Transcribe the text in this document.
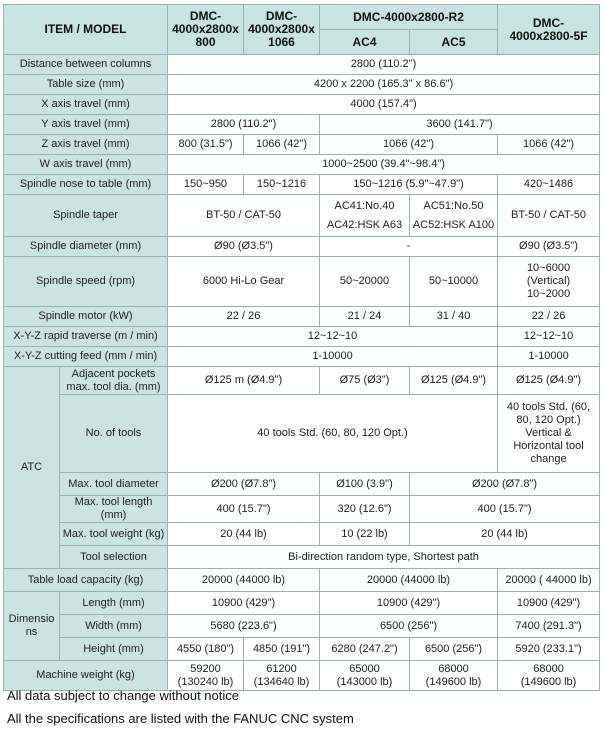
ITEM / MODEL		DMC-
4000x2800x
800	DMC-
4000x2800x
1066	DMC-4000x2800-R2		DMC-
4000x2800-5F
				AC4	AC5	
Distance between columns		2800 (110.2")				
Table size (mm)		4200 x 2200 (165.3" x 86.6")				
X axis travel (mm)		4000 (157.4")				
Y axis travel (mm)		2800 (110.2")		3600 (141.7")		
Z axis travel (mm)		800 (31.5")	1066 (42")	1066 (42")		1066 (42")
W axis travel (mm)		1000~2500 (39.4"~98.4")				
Spindle nose to table (mm)		150~950	150~1216	150~1216 (5.9"~47.9")		420~1486
Spindle taper		BT-50 / CAT-50		AC41:No.40
AC42:HSK A63	AC51:No.50
AC52:HSK A100	BT-50 / CAT-50
Spindle diameter (mm)		Ø90 (Ø3.5")		-		Ø90 (Ø3.5")
Spindle speed (rpm)		6000 Hi-Lo Gear		50~20000	50~10000	10~6000
(Vertical)
10~2000
Spindle motor (kW)		22 / 26		21 / 24	31 / 40	22 / 26
X-Y-Z rapid traverse (m / min)		12~12~10				12~12~10
X-Y-Z cutting feed (mm / min)		1-10000				1-10000
ATC	Adjacent pockets
max. tool dia. (mm)	Ø125 m (Ø4.9")		Ø75 (Ø3")	Ø125 (Ø4.9")	Ø125 (Ø4.9")
	No. of tools	40 tools Std. (60, 80, 120 Opt.)				40 tools Std. (60,
80, 120 Opt.)
Vertical &
Horizontal tool
change
	Max. tool diameter	Ø200 (Ø7.8")		Ø100 (3.9")	Ø200 (Ø7.8")	
	Max. tool length (mm)	400 (15.7")		320 (12.6")	400 (15.7")	
	Max. tool weight (kg)	20 (44 lb)		10 (22 lb)	20 (44 lb)	
	Tool selection	Bi-direction random type, Shortest path				
Table load capacity (kg)		20000 (44000 lb)		20000 (44000 lb)		20000 ( 44000 lb)
Dimensio
ns	Length (mm)	10900 (429")		10900 (429")		10900 (429")
	Width (mm)	5680 (223.6")		6500 (256")		7400 (291.3")
	Height (mm)	4550 (180")	4850 (191")	6280 (247.2")	6500 (256")	5920 (233.1")
Machine weight (kg)		59200
(130240 lb)	61200
(134640 lb)	65000
(143000 lb)	68000
(149600 lb)	68000
(149600 lb)
All data subject to change without notice
All the specifications are listed with the FANUC CNC system
